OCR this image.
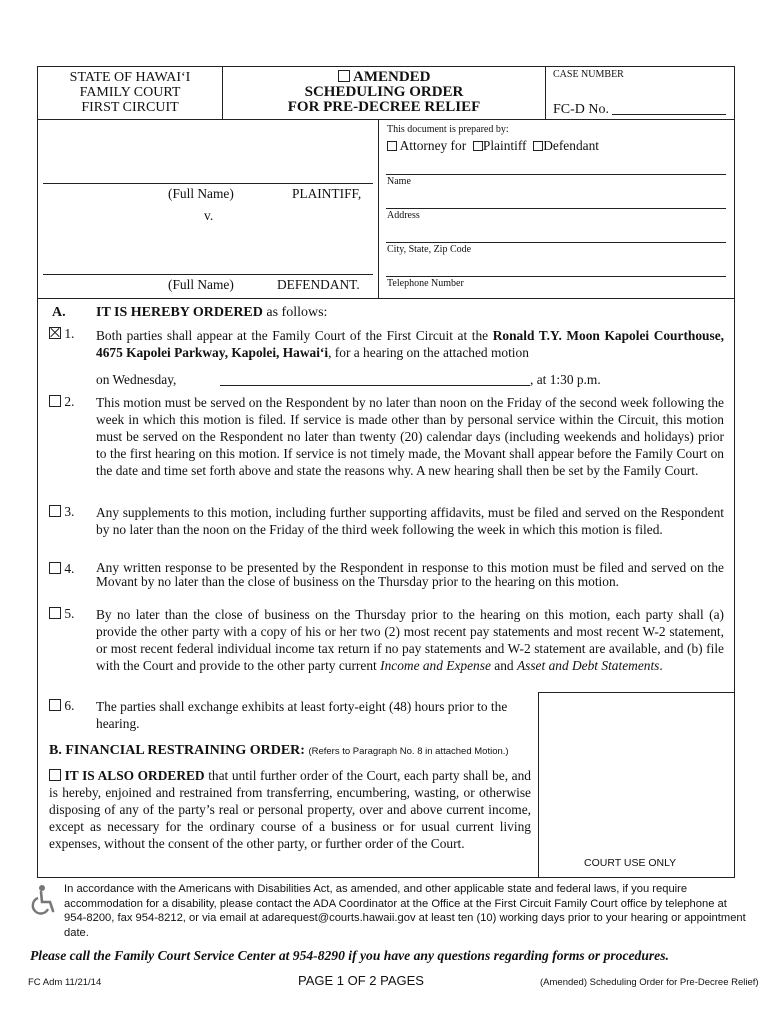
STATE OF HAWAI‘I
FAMILY COURT
FIRST CIRCUIT
AMENDED
SCHEDULING ORDER
FOR PRE-DECREE RELIEF
CASE NUMBER
FC-D No.
(Full Name)	PLAINTIFF,
v.
(Full Name)	DEFENDANT.
This document is prepared by:
Attorney for Plaintiff Defendant
Name
Address
City, State, Zip Code
Telephone Number
A. IT IS HEREBY ORDERED as follows:
1. Both parties shall appear at the Family Court of the First Circuit at the Ronald T.Y. Moon Kapolei Courthouse, 4675 Kapolei Parkway, Kapolei, Hawai‘i, for a hearing on the attached motion
on Wednesday,	, at 1:30 p.m.
2. This motion must be served on the Respondent by no later than noon on the Friday of the second week following the week in which this motion is filed. If service is made other than by personal service within the Circuit, this motion must be served on the Respondent no later than twenty (20) calendar days (including weekends and holidays) prior to the first hearing on this motion. If service is not timely made, the Movant shall appear before the Family Court on the date and time set forth above and state the reasons why. A new hearing shall then be set by the Family Court.
3. Any supplements to this motion, including further supporting affidavits, must be filed and served on the Respondent by no later than the noon on the Friday of the third week following the week in which this motion is filed.
4. Any written response to be presented by the Respondent in response to this motion must be filed and served on the Movant by no later than the close of business on the Thursday prior to the hearing on this motion.
5. By no later than the close of business on the Thursday prior to the hearing on this motion, each party shall (a) provide the other party with a copy of his or her two (2) most recent pay statements and most recent W-2 statement, or most recent federal individual income tax return if no pay statements and W-2 statement are available, and (b) file with the Court and provide to the other party current Income and Expense and Asset and Debt Statements.
6. The parties shall exchange exhibits at least forty-eight (48) hours prior to the hearing.
B. FINANCIAL RESTRAINING ORDER: (Refers to Paragraph No. 8 in attached Motion.)
IT IS ALSO ORDERED that until further order of the Court, each party shall be, and is hereby, enjoined and restrained from transferring, encumbering, wasting, or otherwise disposing of any of the party’s real or personal property, over and above current income, except as necessary for the ordinary course of a business or for usual current living expenses, without the consent of the other party, or further order of the Court.
COURT USE ONLY
In accordance with the Americans with Disabilities Act, as amended, and other applicable state and federal laws, if you require accommodation for a disability, please contact the ADA Coordinator at the Office at the First Circuit Family Court office by telephone at 954-8200, fax 954-8212, or via email at adarequest@courts.hawaii.gov at least ten (10) working days prior to your hearing or appointment date.
Please call the Family Court Service Center at 954-8290 if you have any questions regarding forms or procedures.
FC Adm 11/21/14	PAGE 1 OF 2 PAGES	(Amended) Scheduling Order for Pre-Decree Relief)
